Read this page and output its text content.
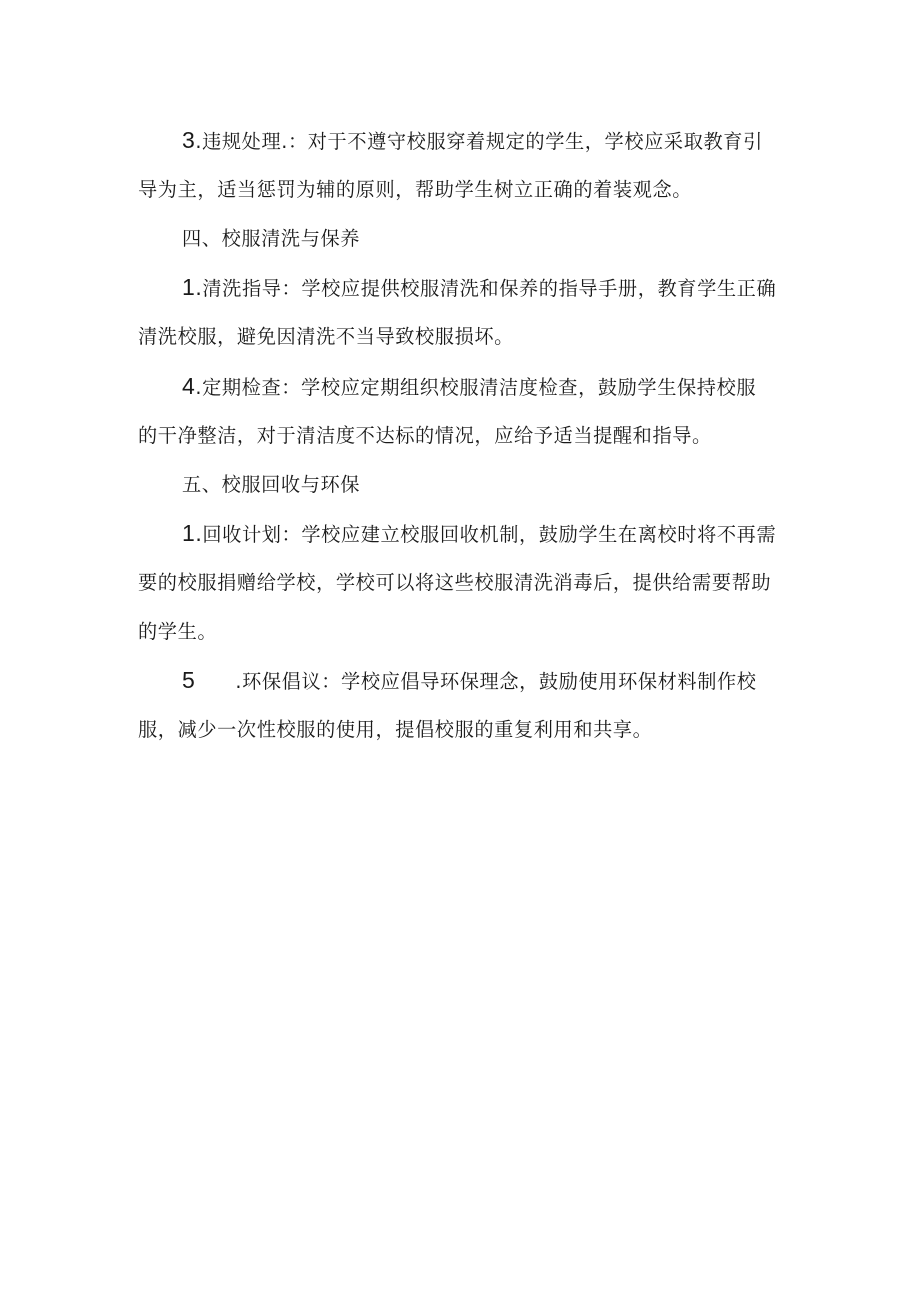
3.违规处理.：对于不遵守校服穿着规定的学生，学校应采取教育引
导为主，适当惩罚为辅的原则，帮助学生树立正确的着装观念。
四、校服清洗与保养
1.清洗指导：学校应提供校服清洗和保养的指导手册，教育学生正确
清洗校服，避免因清洗不当导致校服损坏。
4.定期检查：学校应定期组织校服清洁度检查，鼓励学生保持校服
的干净整洁，对于清洁度不达标的情况，应给予适当提醒和指导。
五、校服回收与环保
1.回收计划：学校应建立校服回收机制，鼓励学生在离校时将不再需
要的校服捐赠给学校，学校可以将这些校服清洗消毒后，提供给需要帮助
的学生。
5 .环保倡议：学校应倡导环保理念，鼓励使用环保材料制作校
服，减少一次性校服的使用，提倡校服的重复利用和共享。
